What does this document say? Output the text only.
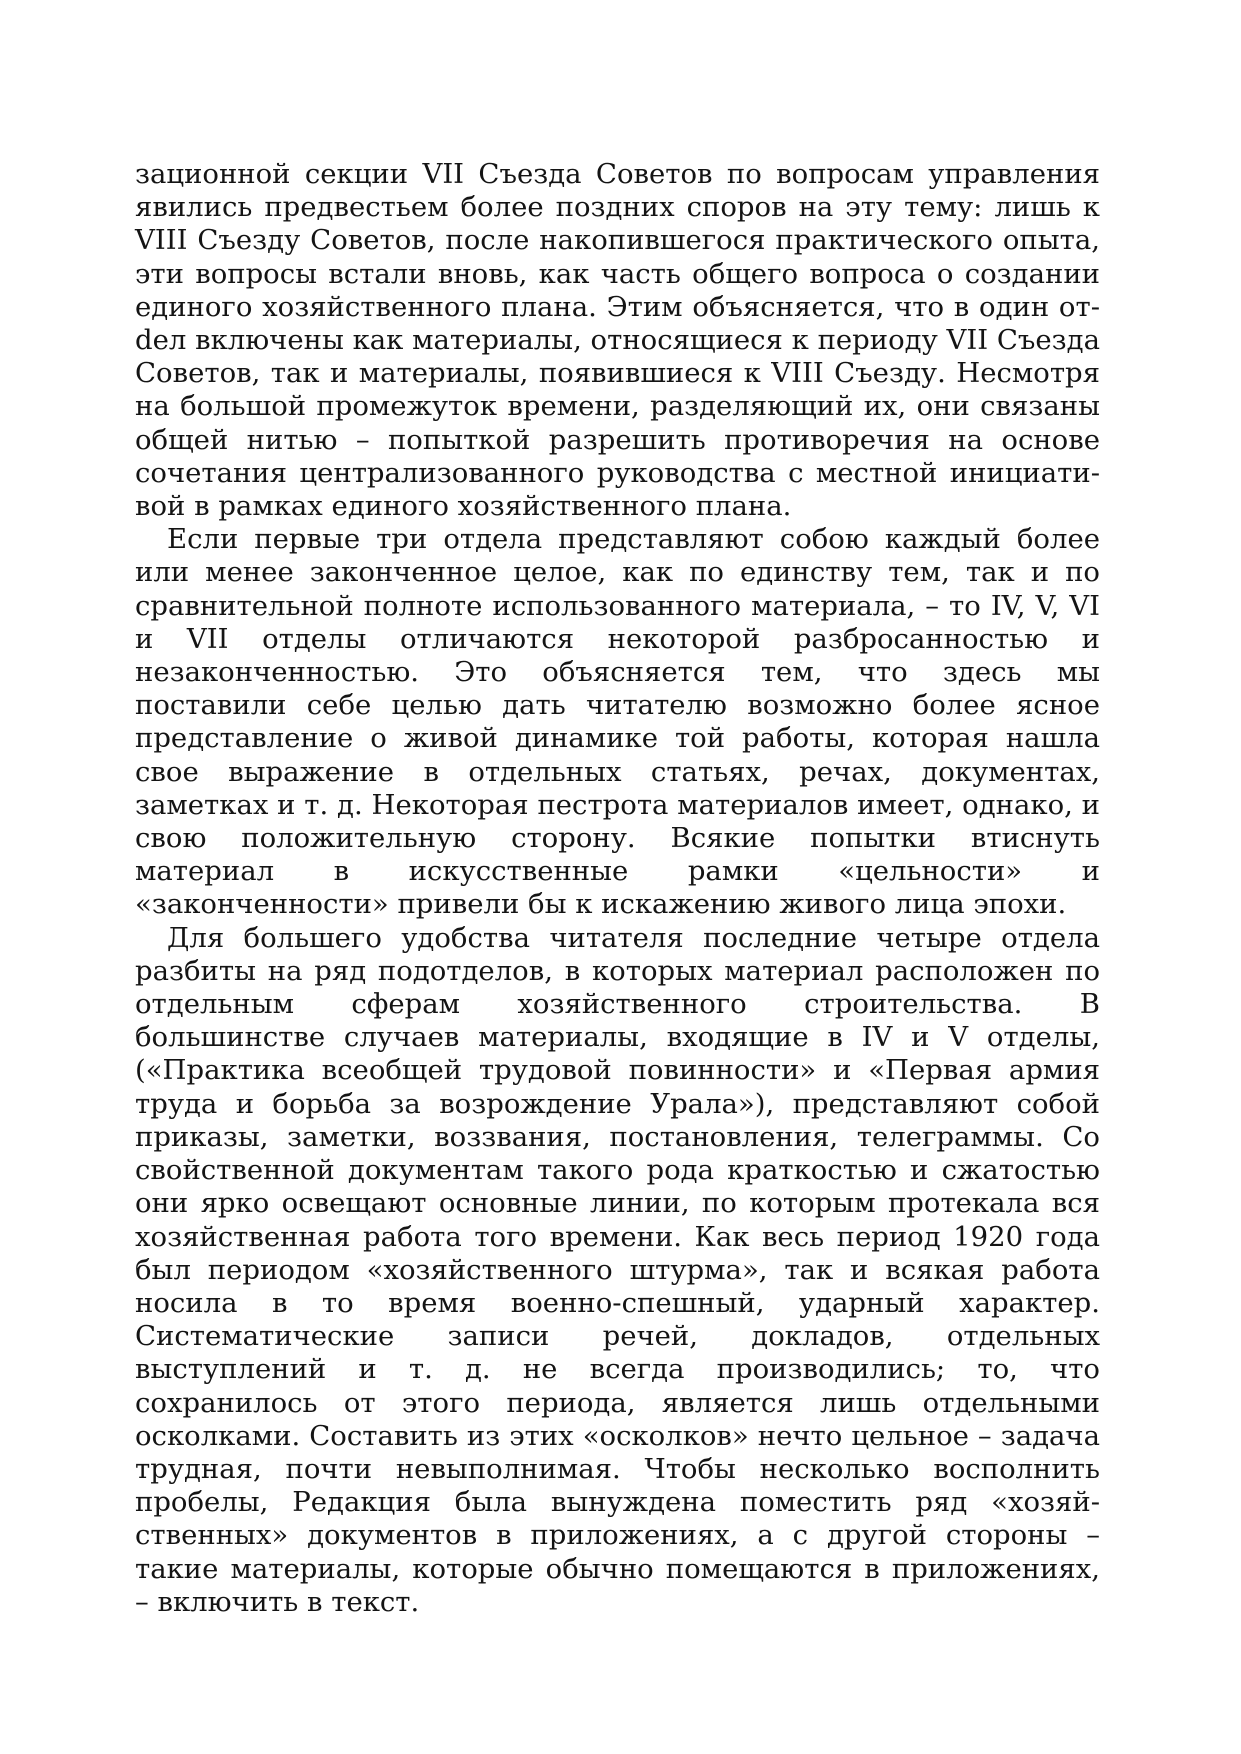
зационной секции VII Съезда Советов по вопросам управления явились предвестьем более поздних споров на эту тему: лишь к VIII Съезду Советов, после накопившегося практического опыта, эти вопросы встали вновь, как часть общего вопроса о создании единого хозяйственного плана. Этим объясняется, что в один отdел включены как материалы, относящиеся к периоду VII Съезда Советов, так и материалы, появившиеся к VIII Съезду. Несмотря на большой промежуток времени, разделяющий их, они связаны общей нитью – попыткой разрешить противоречия на основе сочетания централизованного руководства с местной инициативой в рамках единого хозяйственного плана.

Если первые три отдела представляют собою каждый более или менее законченное целое, как по единству тем, так и по сравнительной полноте использованного материала, – то IV, V, VI и VII отделы отличаются некоторой разбросанностью и незаконченностью. Это объясняется тем, что здесь мы поставили себе целью дать читателю возможно более ясное представление о живой динамике той работы, которая нашла свое выражение в отдельных статьях, речах, документах, заметках и т. д. Некоторая пестрота материалов имеет, однако, и свою положительную сторону. Всякие попытки втиснуть материал в искусственные рамки «цельности» и «законченности» привели бы к искажению живого лица эпохи.

Для большего удобства читателя последние четыре отдела разбиты на ряд подотделов, в которых материал расположен по отдельным сферам хозяйственного строительства. В большинстве случаев материалы, входящие в IV и V отделы, («Практика всеобщей трудовой повинности» и «Первая армия труда и борьба за возрождение Урала»), представляют собой приказы, заметки, воззвания, постановления, телеграммы. Со свойственной документам такого рода краткостью и сжатостью они ярко освещают основные линии, по которым протекала вся хозяйственная работа того времени. Как весь период 1920 года был периодом «хозяйственного штурма», так и всякая работа носила в то время военно-спешный, ударный характер. Систематические записи речей, докладов, отдельных выступлений и т. д. не всегда производились; то, что сохранилось от этого периода, является лишь отдельными осколками. Составить из этих «осколков» нечто цельное – задача трудная, почти невыполнимая. Чтобы несколько восполнить пробелы, Редакция была вынуждена поместить ряд «хозяйственных» документов в приложениях, а с другой стороны – такие материалы, которые обычно помещаются в приложениях, – включить в текст.
